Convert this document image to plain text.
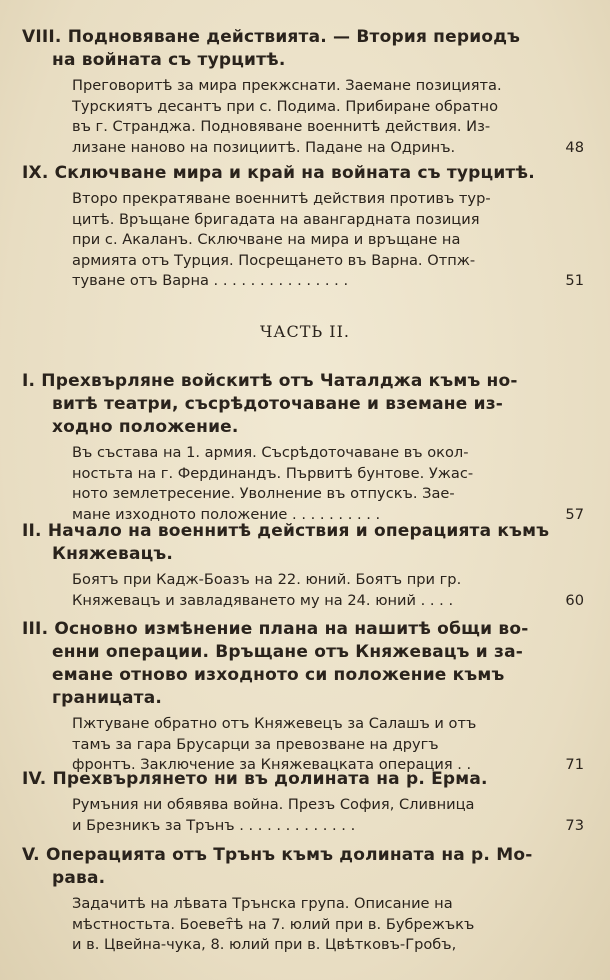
VIII. Подновяване действията. — Втория периодъ
на войната съ турцитѣ.
Преговоритѣ за мира прекжснати. Заемане позицията.
Турскиятъ десантъ при с. Подима. Прибиране обратно
въ г. Странджа. Подновяване военнитѣ действия. Из-
лизане наново на позициитѣ. Падане на Одринъ.	48
IX. Сключване мира и край на войната съ турцитѣ.
Второ прекратяване военнитѣ действия противъ тур-
цитѣ. Връщане бригадата на авангардната позиция
при с. Акаланъ. Сключване на мира и връщане на
армията отъ Турция. Посрещането въ Варна. Отпж-
туване отъ Варна . . . . . . . . . . . . . . .	51
ЧАСТЬ II.
I. Прехвърляне войскитѣ отъ Чаталджа къмъ но-
витѣ театри, съсрѣдоточаване и вземане из-
ходно положение.
Въ състава на 1. армия. Съсрѣдоточаване въ окол-
ностьта на г. Фердинандъ. Първитѣ бунтове. Ужас-
ното землетресение. Уволнение въ отпускъ. Зае-
мане изходното положение . . . . . . . . . .	57
II. Начало на военнитѣ действия и операцията къмъ
Княжевацъ.
Боятъ при Кадж-Боазъ на 22. юний. Боятъ при гр.
Княжевацъ и завладяването му на 24. юний . . . .	60
III. Основно измѣнение плана на нашитѣ общи во-
енни операции. Връщане отъ Княжевацъ и за-
емане отново изходното си положение къмъ
границата.
Пжтуване обратно отъ Княжевецъ за Салашъ и отъ
тамъ за гара Брусарци за превозване на другъ
фронтъ. Заключение за Княжевацката операция . .	71
IV. Прехвърлянето ни въ долината на р. Ерма.
Румъния ни обявява война. Презъ София, Сливница
и Брезникъ за Трънъ . . . . . . . . . . . . .	73
V. Операцията отъ Трънъ къмъ долината на р. Мо-
рава.
Задачитѣ на лѣвата Трънска група. Описание на
мѣстностьта. Боевет҄ѣ на 7. юлий при в. Бубрежъкъ
и в. Цвейна-чука, 8. юлий при в. Цвѣтковъ-Гробъ,
